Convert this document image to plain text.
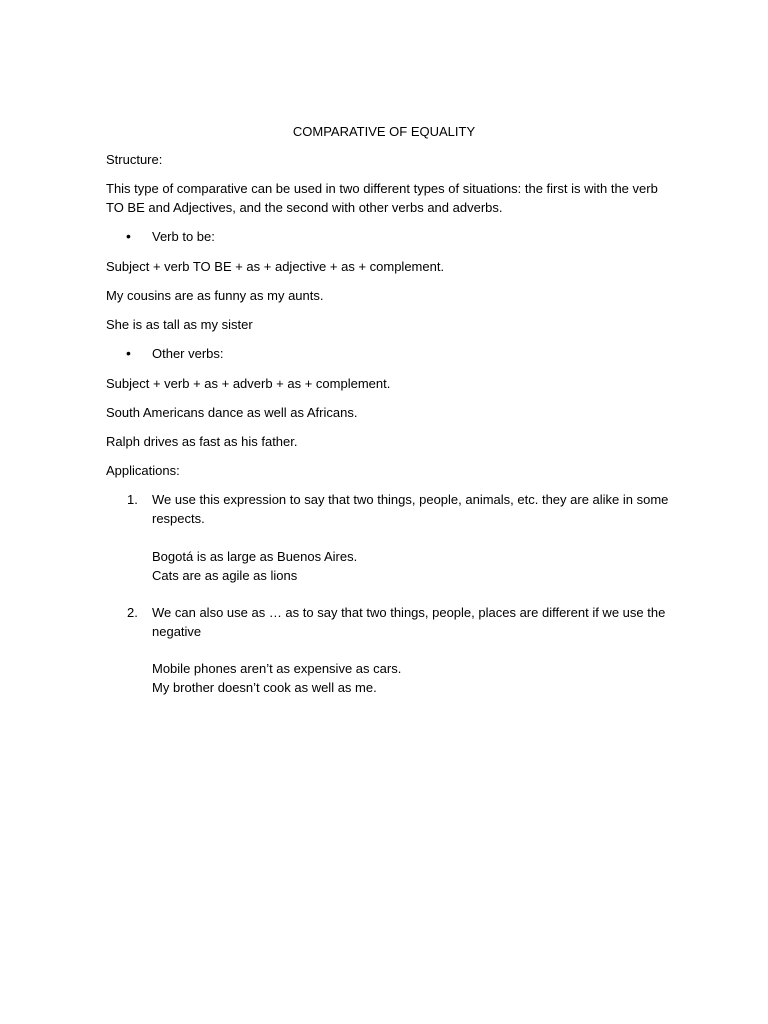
COMPARATIVE OF EQUALITY
Structure:
This type of comparative can be used in two different types of situations: the first is with the verb TO BE and Adjectives, and the second with other verbs and adverbs.
• Verb to be:
Subject + verb TO BE + as + adjective + as + complement.
My cousins are as funny as my aunts.
She is as tall as my sister
• Other verbs:
Subject + verb + as + adverb + as + complement.
South Americans dance as well as Africans.
Ralph drives as fast as his father.
Applications:
1. We use this expression to say that two things, people, animals, etc. they are alike in some respects.
Bogotá is as large as Buenos Aires.
Cats are as agile as lions
2. We can also use as … as to say that two things, people, places are different if we use the negative
Mobile phones aren’t as expensive as cars.
My brother doesn’t cook as well as me.
